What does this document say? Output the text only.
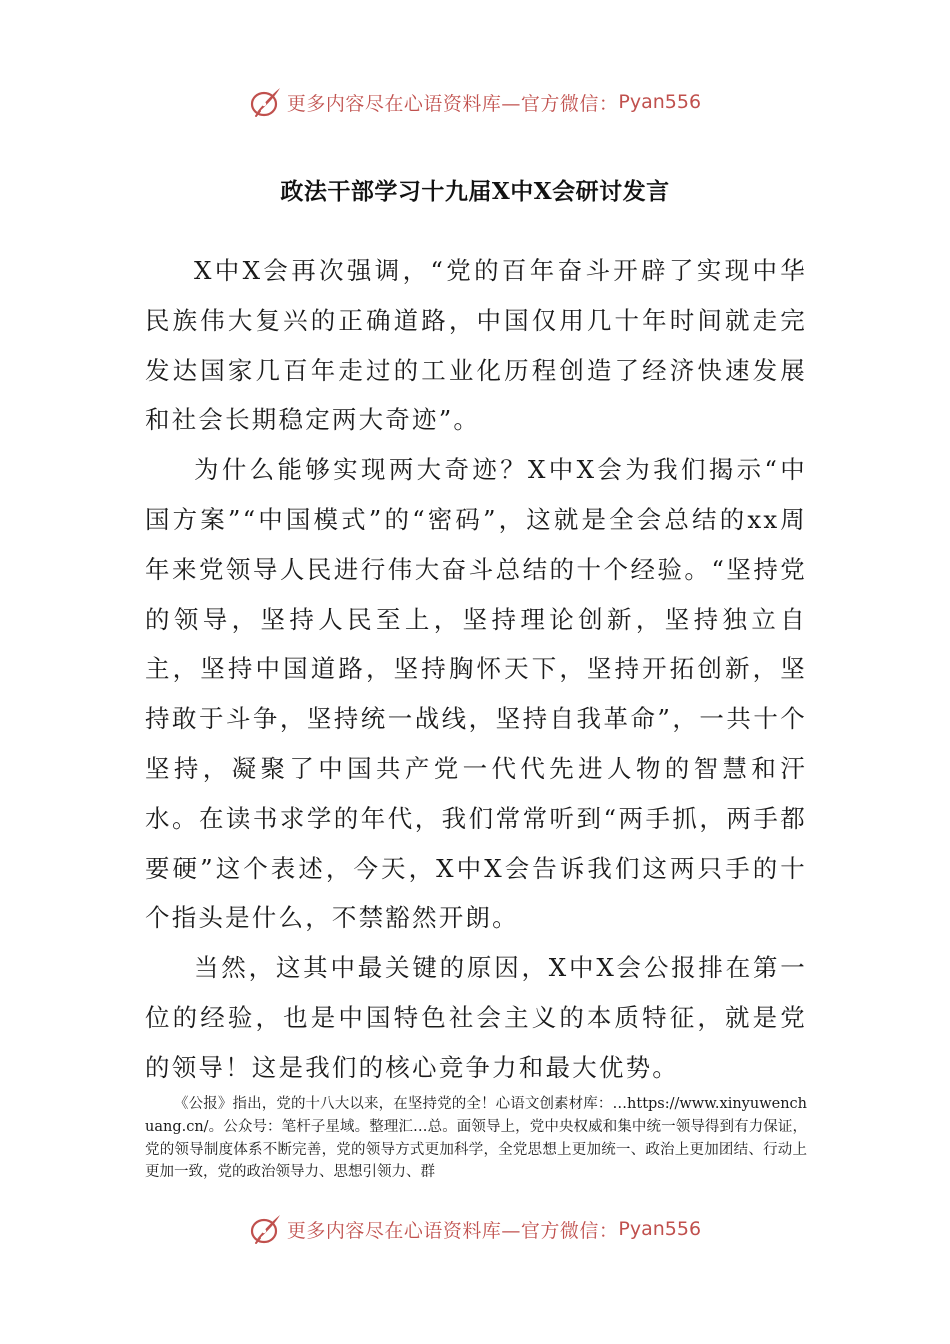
更多内容尽在心语资料库—官方微信： Pyan556
政法干部学习十九届X中X会研讨发言

X中X会再次强调，“党的百年奋斗开辟了实现中华民族伟大复兴的正确道路，中国仅用几十年时间就走完发达国家几百年走过的工业化历程创造了经济快速发展和社会长期稳定两大奇迹”。

为什么能够实现两大奇迹？X中X会为我们揭示“中国方案”“中国模式”的“密码”，这就是全会总结的xx周年来党领导人民进行伟大奋斗总结的十个经验。“坚持党的领导，坚持人民至上，坚持理论创新，坚持独立自主，坚持中国道路，坚持胸怀天下，坚持开拓创新，坚持敢于斗争，坚持统一战线，坚持自我革命”，一共十个坚持，凝聚了中国共产党一代代先进人物的智慧和汗水。在读书求学的年代，我们常常听到“两手抓，两手都要硬”这个表述，今天，X中X会告诉我们这两只手的十个指头是什么，不禁豁然开朗。

当然，这其中最关键的原因，X中X会公报排在第一位的经验，也是中国特色社会主义的本质特征，就是党的领导！这是我们的核心竞争力和最大优势。

《公报》指出，党的十八大以来，在坚持党的全！心语文创素材库：…https://www.xinyuwenchuang.cn/。公众号：笔杆子星域。整理汇…总。面领导上，党中央权威和集中统一领导得到有力保证，党的领导制度体系不断完善，党的领导方式更加科学，全党思想上更加统一、政治上更加团结、行动上更加一致，党的政治领导力、思想引领力、群

更多内容尽在心语资料库—官方微信： Pyan556
